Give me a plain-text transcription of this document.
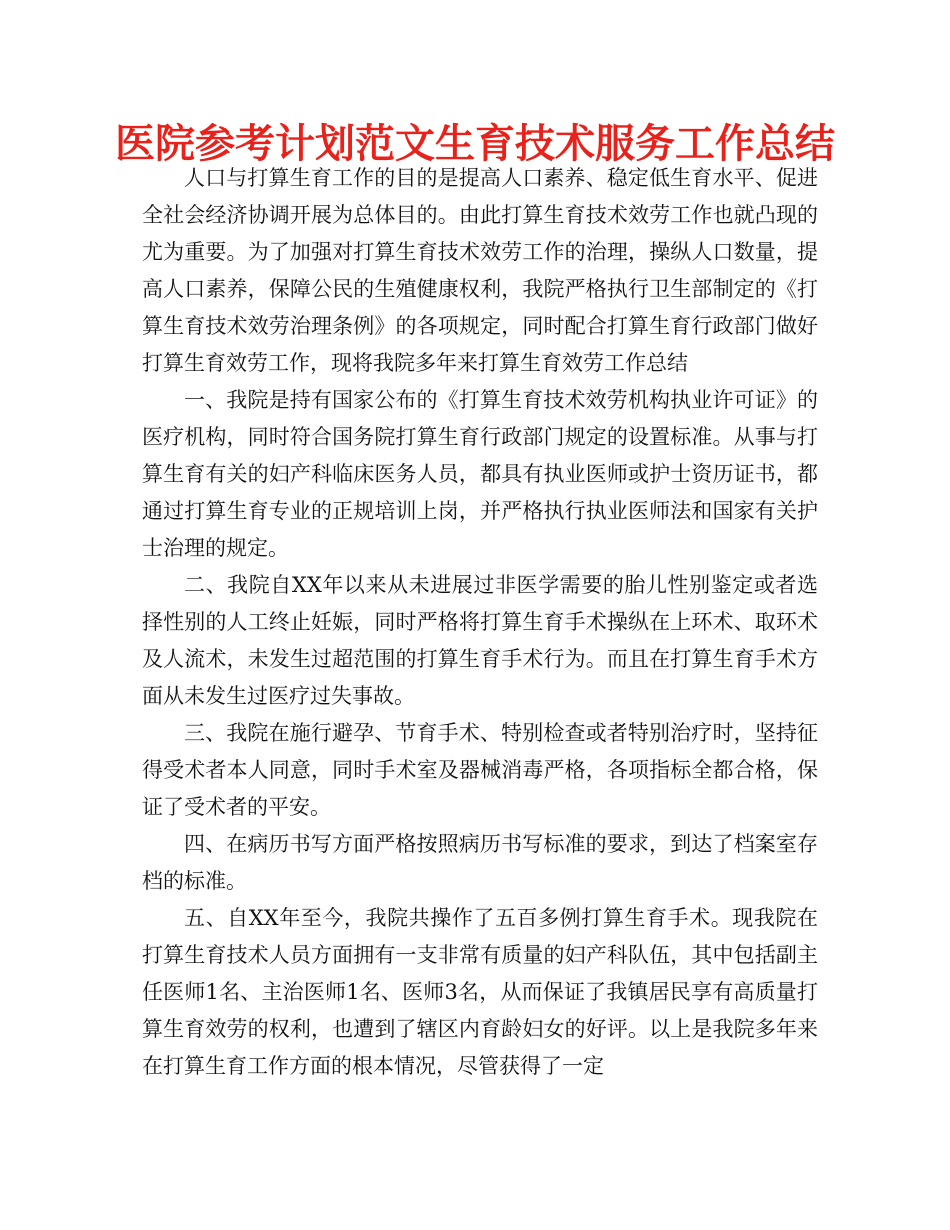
医院参考计划范文生育技术服务工作总结

人口与打算生育工作的目的是提高人口素养、稳定低生育水平、促进全社会经济协调开展为总体目的。由此打算生育技术效劳工作也就凸现的尤为重要。为了加强对打算生育技术效劳工作的治理，操纵人口数量，提高人口素养，保障公民的生殖健康权利，我院严格执行卫生部制定的《打算生育技术效劳治理条例》的各项规定，同时配合打算生育行政部门做好打算生育效劳工作，现将我院多年来打算生育效劳工作总结

一、我院是持有国家公布的《打算生育技术效劳机构执业许可证》的医疗机构，同时符合国务院打算生育行政部门规定的设置标准。从事与打算生育有关的妇产科临床医务人员，都具有执业医师或护士资历证书，都通过打算生育专业的正规培训上岗，并严格执行执业医师法和国家有关护士治理的规定。

二、我院自XX年以来从未进展过非医学需要的胎儿性别鉴定或者选择性别的人工终止妊娠，同时严格将打算生育手术操纵在上环术、取环术及人流术，未发生过超范围的打算生育手术行为。而且在打算生育手术方面从未发生过医疗过失事故。

三、我院在施行避孕、节育手术、特别检查或者特别治疗时，坚持征得受术者本人同意，同时手术室及器械消毒严格，各项指标全都合格，保证了受术者的平安。

四、在病历书写方面严格按照病历书写标准的要求，到达了档案室存档的标准。

五、自XX年至今，我院共操作了五百多例打算生育手术。现我院在打算生育技术人员方面拥有一支非常有质量的妇产科队伍，其中包括副主任医师1名、主治医师1名、医师3名，从而保证了我镇居民享有高质量打算生育效劳的权利，也遭到了辖区内育龄妇女的好评。以上是我院多年来在打算生育工作方面的根本情况，尽管获得了一定
